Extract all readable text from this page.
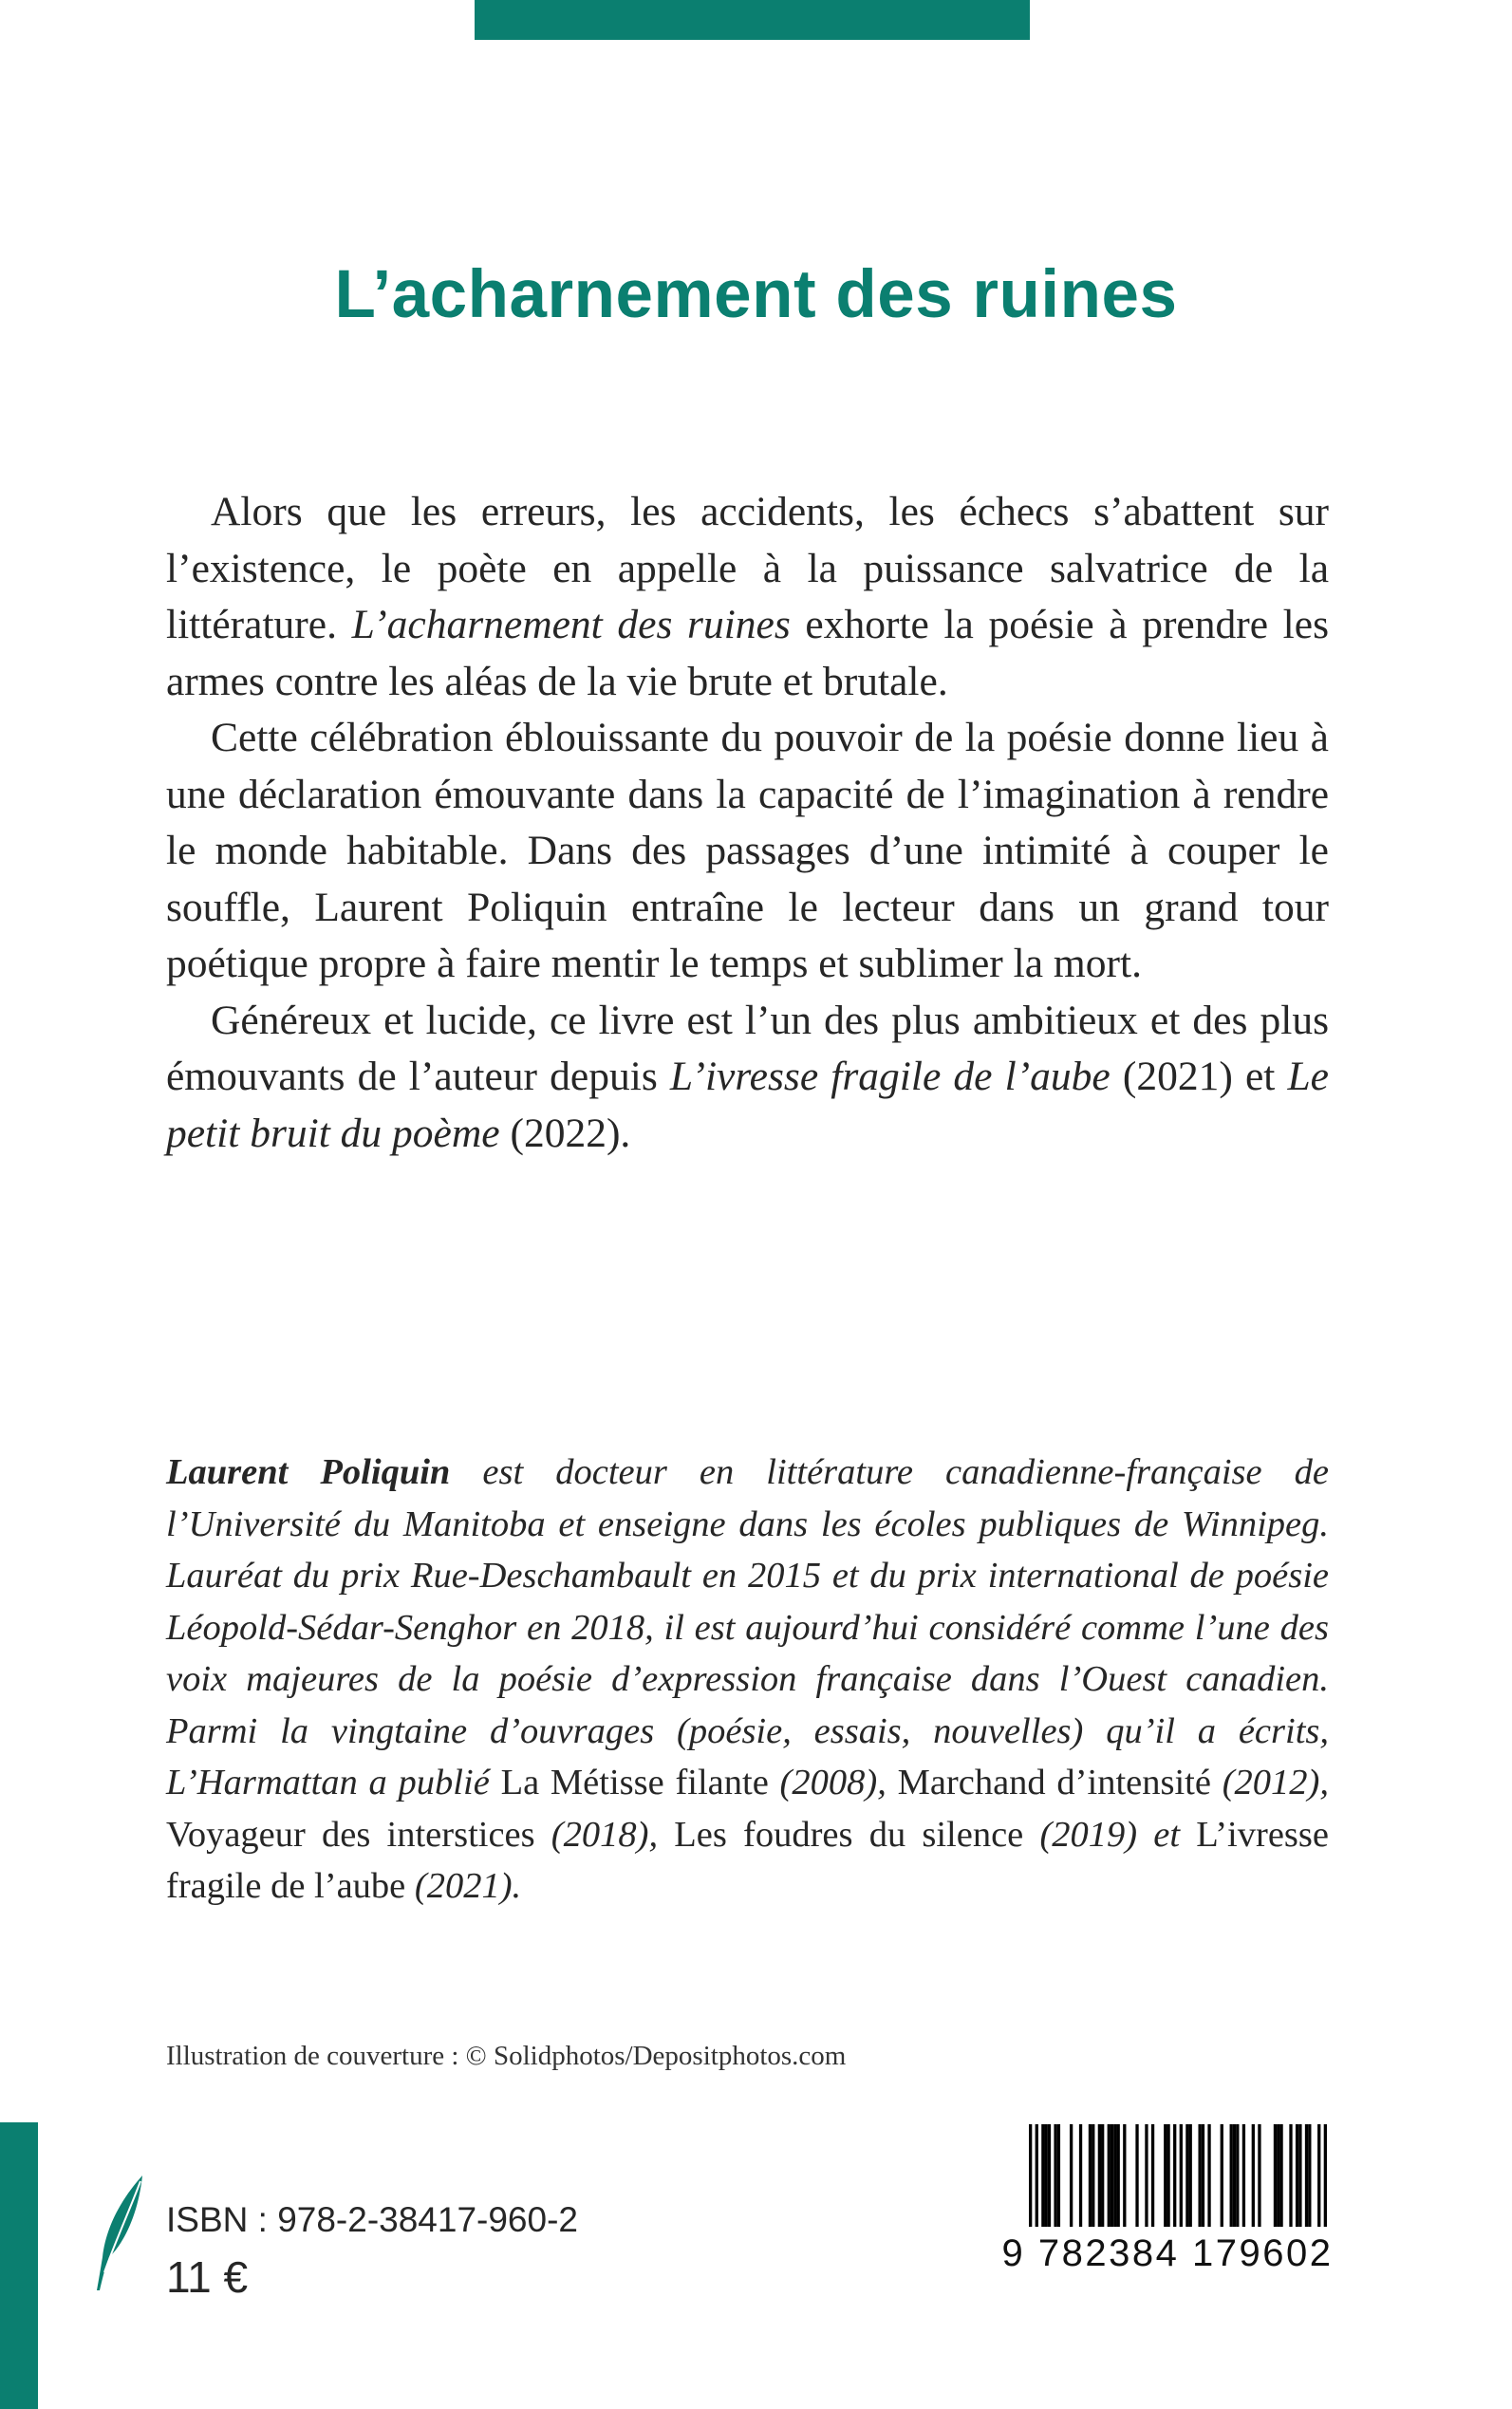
L’acharnement des ruines

Alors que les erreurs, les accidents, les échecs s’abattent sur l’existence, le poète en appelle à la puissance salvatrice de la littérature. L’acharnement des ruines exhorte la poésie à prendre les armes contre les aléas de la vie brute et brutale.

Cette célébration éblouissante du pouvoir de la poésie donne lieu à une déclaration émouvante dans la capacité de l’imagination à rendre le monde habitable. Dans des passages d’une intimité à couper le souffle, Laurent Poliquin entraîne le lecteur dans un grand tour poétique propre à faire mentir le temps et sublimer la mort.

Généreux et lucide, ce livre est l’un des plus ambitieux et des plus émouvants de l’auteur depuis L’ivresse fragile de l’aube (2021) et Le petit bruit du poème (2022).

Laurent Poliquin est docteur en littérature canadienne-française de l’Université du Manitoba et enseigne dans les écoles publiques de Winnipeg. Lauréat du prix Rue-Deschambault en 2015 et du prix international de poésie Léopold-Sédar-Senghor en 2018, il est aujourd’hui considéré comme l’une des voix majeures de la poésie d’expression française dans l’Ouest canadien. Parmi la vingtaine d’ouvrages (poésie, essais, nouvelles) qu’il a écrits, L’Harmattan a publié La Métisse filante (2008), Marchand d’intensité (2012), Voyageur des interstices (2018), Les foudres du silence (2019) et L’ivresse fragile de l’aube (2021).

Illustration de couverture : © Solidphotos/Depositphotos.com
ISBN : 978-2-38417-960-2
11 €	9 782384 179602
